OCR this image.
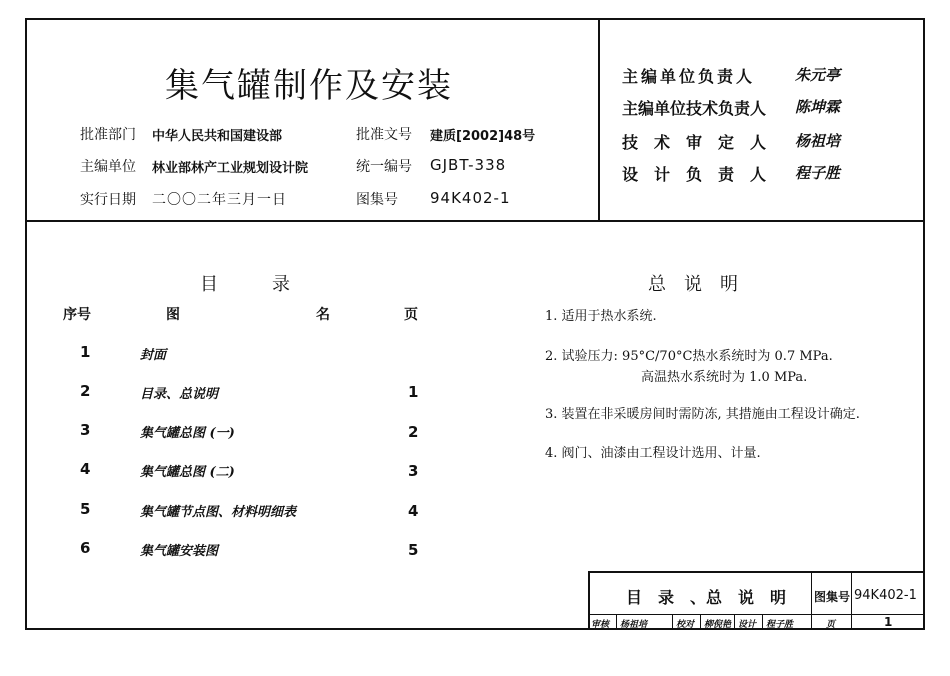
集气罐制作及安装
批准部门 中华人民共和国建设部	批准文号 建质[2002]48号
主编单位 林业部林产工业规划设计院	统一编号 GJBT-338
实行日期 二〇〇二年三月一日	图集号 94K402-1
主编单位负责人	朱元亭
主编单位技术负责人 陈坤霖
技术审定人 杨祖培
设计负责人 程子胜
目　　　录
序号	图	名	页
1	封面
2	目录、总说明	1
3	集气罐总图 (一)	2
4	集气罐总图 (二)	3
5	集气罐节点图、材料明细表	4
6	集气罐安装图	5
总　说　明
1. 适用于热水系统.
2. 试验压力: 95°C/70°C热水系统时为 0.7 MPa.
高温热水系统时为 1.0 MPa.
3. 装置在非采暖房间时需防冻, 其措施由工程设计确定.
4. 阀门、油漆由工程设计选用、计量.
目　录　、总　说　明 图集号 94K402-1
审核 杨祖培	校对 柳倪艳 设计 程子胜	页	1
